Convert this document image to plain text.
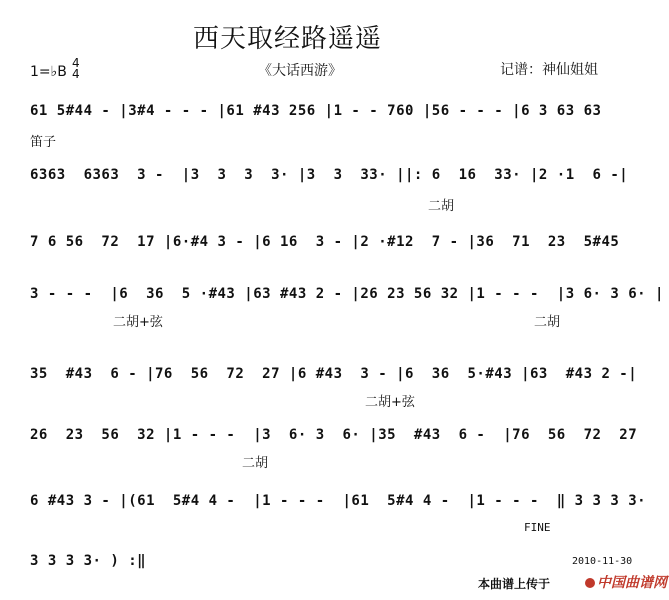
西天取经路遥遥
《大话西游》
1=♭B
4
4	记谱：神仙姐姐
61 5#44 - |3#4 - - - |61 #43 256 |1 - - 760 |56 - - - |6 3 63 63
笛子
6363  6363  3 -  |3  3  3  3· |3  3  33· ||: 6  16  33· |2 ·1  6 -|
二胡
7 6 56  72  17 |6·#4 3 - |6 16  3 - |2 ·#12  7 - |36  71  23  5#45
3 - - -  |6  36  5 ·#43 |63 #43 2 - |26 23 56 32 |1 - - -  |3 6· 3 6· |
二胡+弦	二胡
35  #43  6 - |76  56  72  27 |6 #43  3 - |6  36  5·#43 |63  #43 2 -|
二胡+弦
26  23  56  32 |1 - - -  |3  6· 3  6· |35  #43  6 -  |76  56  72  27
二胡
6 #43 3 - |(61  5#4 4 -  |1 - - -  |61  5#4 4 -  |1 - - -  ‖ 3 3 3 3·
FINE
3 3 3 3· ) :‖	2010-11-30
本曲谱上传于	中国曲谱网
